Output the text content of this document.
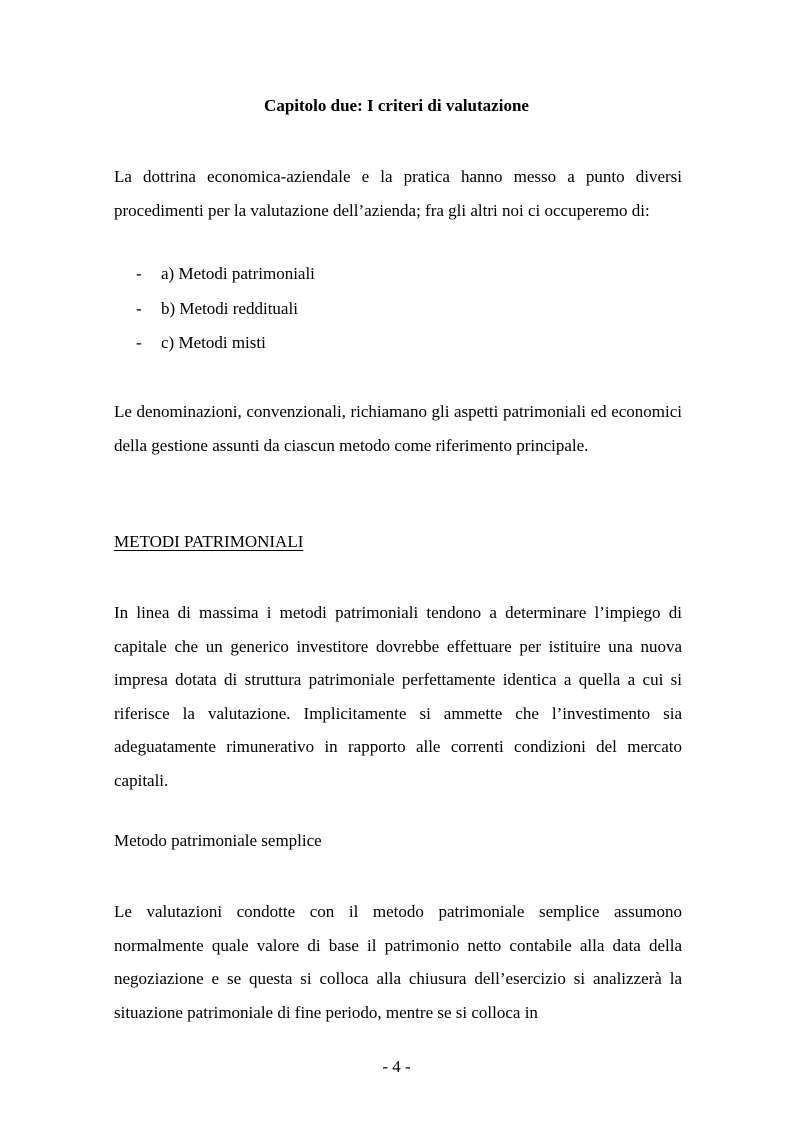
Capitolo due: I criteri di valutazione

La dottrina economica-aziendale e la pratica hanno messo a punto diversi procedimenti per la valutazione dell’azienda; fra gli altri noi ci occuperemo di:

-	a) Metodi patrimoniali
-	b) Metodi reddituali
-	c) Metodi misti

Le denominazioni, convenzionali, richiamano gli aspetti patrimoniali ed economici della gestione assunti da ciascun metodo come riferimento principale.

METODI PATRIMONIALI

In linea di massima i metodi patrimoniali tendono a determinare l’impiego di capitale che un generico investitore dovrebbe effettuare per istituire una nuova impresa dotata di struttura patrimoniale perfettamente identica a quella a cui si riferisce la valutazione. Implicitamente si ammette che l’investimento sia adeguatamente rimunerativo in rapporto alle correnti condizioni del mercato capitali.

Metodo patrimoniale semplice

Le valutazioni condotte con il metodo patrimoniale semplice assumono normalmente quale valore di base il patrimonio netto contabile alla data della negoziazione e se questa si colloca alla chiusura dell’esercizio si analizzerà la situazione patrimoniale di fine periodo, mentre se si colloca in

- 4 -
